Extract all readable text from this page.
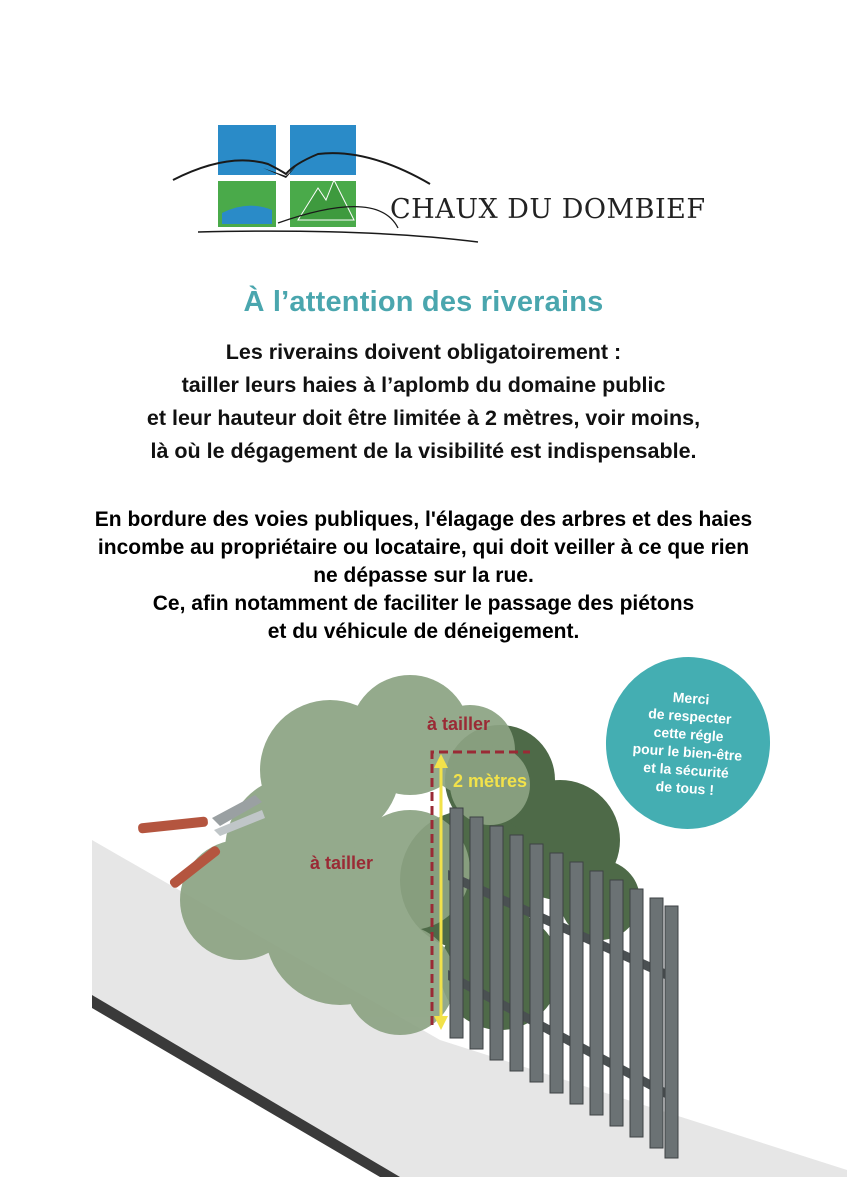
CHAUX DU DOMBIEF
À l’attention des riverains
Les riverains doivent obligatoirement :
tailler leurs haies à l’aplomb du domaine public
et leur hauteur doit être limitée à 2 mètres, voir moins,
là où le dégagement de la visibilité est indispensable.
En bordure des voies publiques, l'élagage des arbres et des haies
incombe au propriétaire ou locataire, qui doit veiller à ce que rien
ne dépasse sur la rue.
Ce, afin notamment de faciliter le passage des piétons
et du véhicule de déneigement.
à tailler
à tailler
2 mètres
Merci
de respecter
cette régle
pour le bien-être
et la sécurité
de tous !
